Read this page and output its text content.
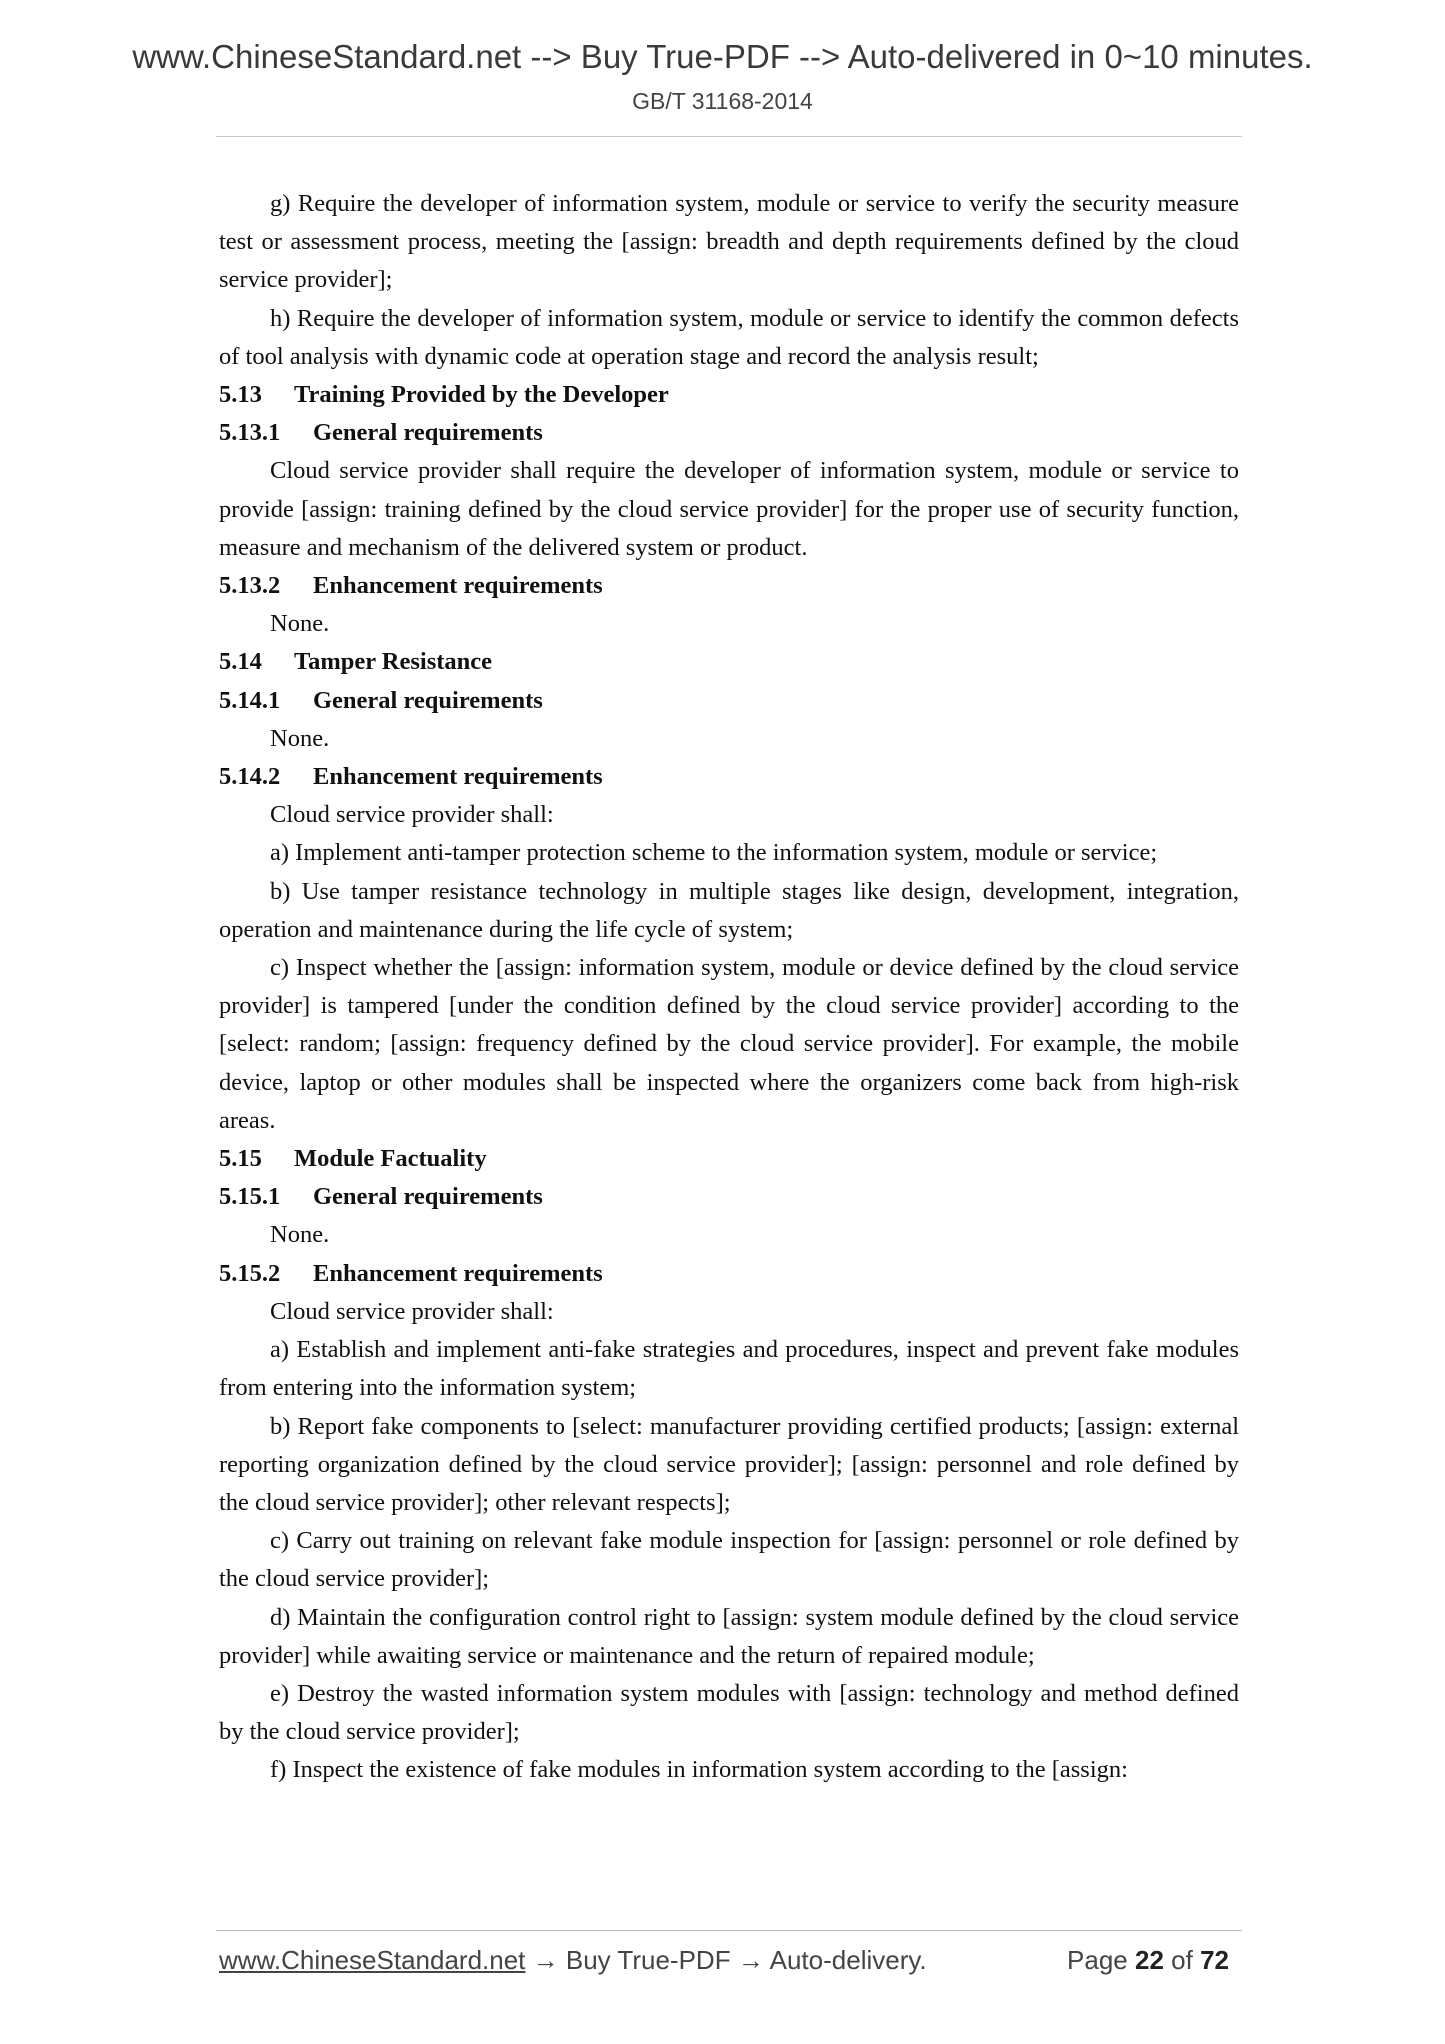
www.ChineseStandard.net --> Buy True-PDF --> Auto-delivered in 0~10 minutes.
GB/T 31168-2014

g) Require the developer of information system, module or service to verify the security measure test or assessment process, meeting the [assign: breadth and depth requirements defined by the cloud service provider];

h) Require the developer of information system, module or service to identify the common defects of tool analysis with dynamic code at operation stage and record the analysis result;

5.13 Training Provided by the Developer

5.13.1 General requirements

Cloud service provider shall require the developer of information system, module or service to provide [assign: training defined by the cloud service provider] for the proper use of security function, measure and mechanism of the delivered system or product.

5.13.2 Enhancement requirements

None.

5.14 Tamper Resistance

5.14.1 General requirements

None.

5.14.2 Enhancement requirements

Cloud service provider shall:

a) Implement anti-tamper protection scheme to the information system, module or service;

b) Use tamper resistance technology in multiple stages like design, development, integration, operation and maintenance during the life cycle of system;

c) Inspect whether the [assign: information system, module or device defined by the cloud service provider] is tampered [under the condition defined by the cloud service provider] according to the [select: random; [assign: frequency defined by the cloud service provider]. For example, the mobile device, laptop or other modules shall be inspected where the organizers come back from high-risk areas.

5.15 Module Factuality

5.15.1 General requirements

None.

5.15.2 Enhancement requirements

Cloud service provider shall:

a) Establish and implement anti-fake strategies and procedures, inspect and prevent fake modules from entering into the information system;

b) Report fake components to [select: manufacturer providing certified products; [assign: external reporting organization defined by the cloud service provider]; [assign: personnel and role defined by the cloud service provider]; other relevant respects];

c) Carry out training on relevant fake module inspection for [assign: personnel or role defined by the cloud service provider];

d) Maintain the configuration control right to [assign: system module defined by the cloud service provider] while awaiting service or maintenance and the return of repaired module;

e) Destroy the wasted information system modules with [assign: technology and method defined by the cloud service provider];

f) Inspect the existence of fake modules in information system according to the [assign:

www.ChineseStandard.net → Buy True-PDF → Auto-delivery.	Page 22 of 72
